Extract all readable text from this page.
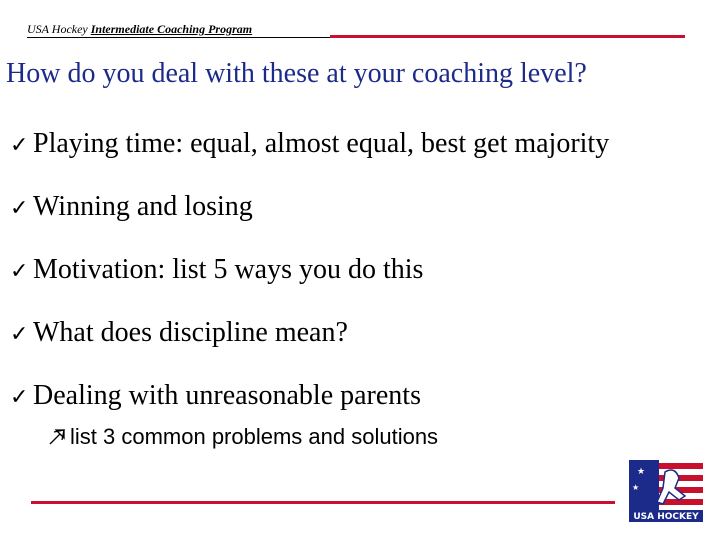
USA Hockey Intermediate Coaching Program
How do you deal with these at your coaching level?
✓ Playing time: equal, almost equal, best get majority
✓ Winning and losing
✓ Motivation: list 5 ways you do this
✓ What does discipline mean?
✓ Dealing with unreasonable parents
list 3 common problems and solutions
★
★
USA HOCKEY
